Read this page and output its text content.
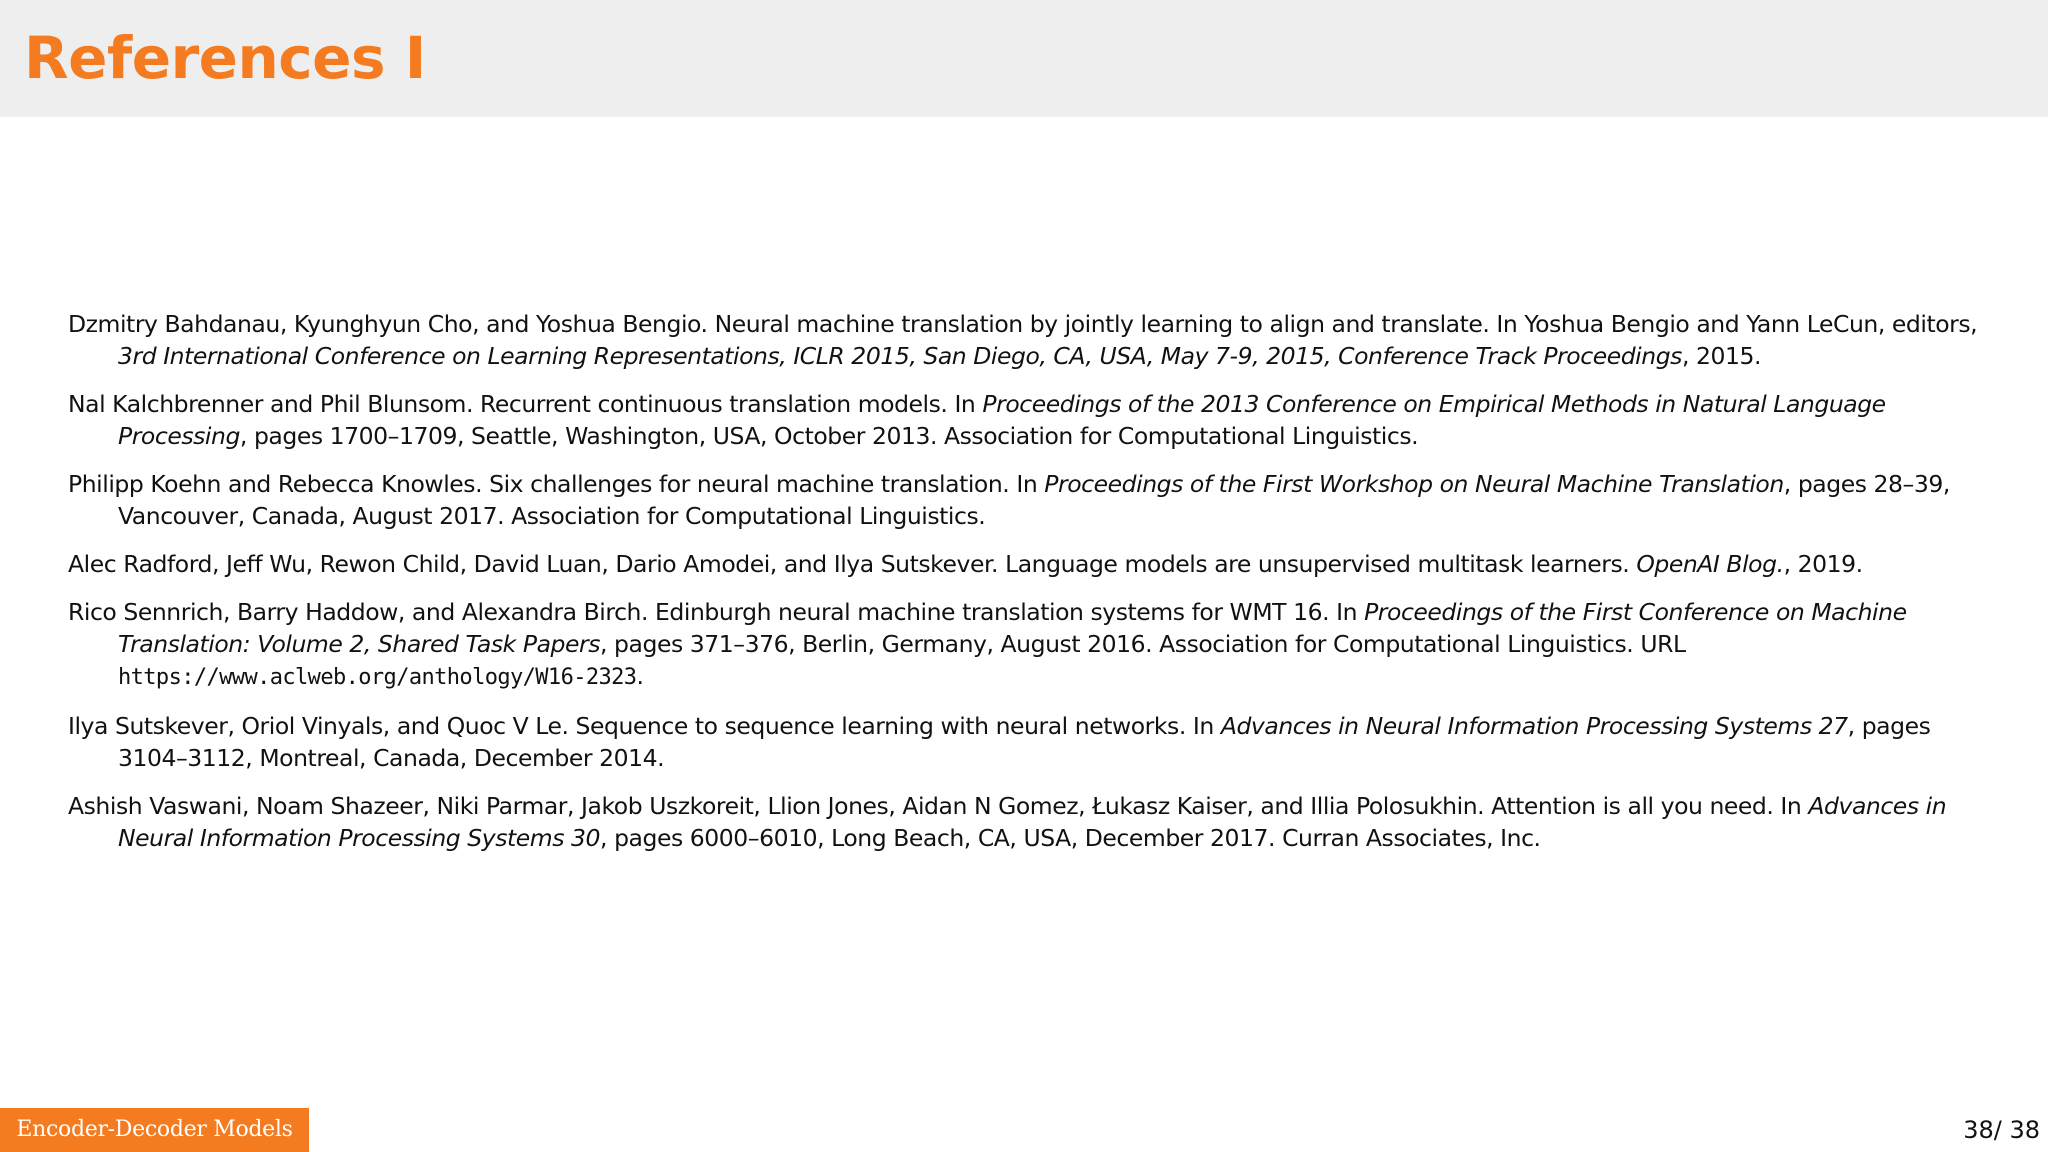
References I

Dzmitry Bahdanau, Kyunghyun Cho, and Yoshua Bengio. Neural machine translation by jointly learning to align and translate. In Yoshua Bengio and Yann LeCun, editors, 3rd International Conference on Learning Representations, ICLR 2015, San Diego, CA, USA, May 7-9, 2015, Conference Track Proceedings, 2015.

Nal Kalchbrenner and Phil Blunsom. Recurrent continuous translation models. In Proceedings of the 2013 Conference on Empirical Methods in Natural Language Processing, pages 1700–1709, Seattle, Washington, USA, October 2013. Association for Computational Linguistics.

Philipp Koehn and Rebecca Knowles. Six challenges for neural machine translation. In Proceedings of the First Workshop on Neural Machine Translation, pages 28–39, Vancouver, Canada, August 2017. Association for Computational Linguistics.

Alec Radford, Jeff Wu, Rewon Child, David Luan, Dario Amodei, and Ilya Sutskever. Language models are unsupervised multitask learners. OpenAI Blog., 2019.

Rico Sennrich, Barry Haddow, and Alexandra Birch. Edinburgh neural machine translation systems for WMT 16. In Proceedings of the First Conference on Machine Translation: Volume 2, Shared Task Papers, pages 371–376, Berlin, Germany, August 2016. Association for Computational Linguistics. URL https://www.aclweb.org/anthology/W16-2323.

Ilya Sutskever, Oriol Vinyals, and Quoc V Le. Sequence to sequence learning with neural networks. In Advances in Neural Information Processing Systems 27, pages 3104–3112, Montreal, Canada, December 2014.

Ashish Vaswani, Noam Shazeer, Niki Parmar, Jakob Uszkoreit, Llion Jones, Aidan N Gomez, Łukasz Kaiser, and Illia Polosukhin. Attention is all you need. In Advances in Neural Information Processing Systems 30, pages 6000–6010, Long Beach, CA, USA, December 2017. Curran Associates, Inc.

Encoder-Decoder Models	38/ 38
